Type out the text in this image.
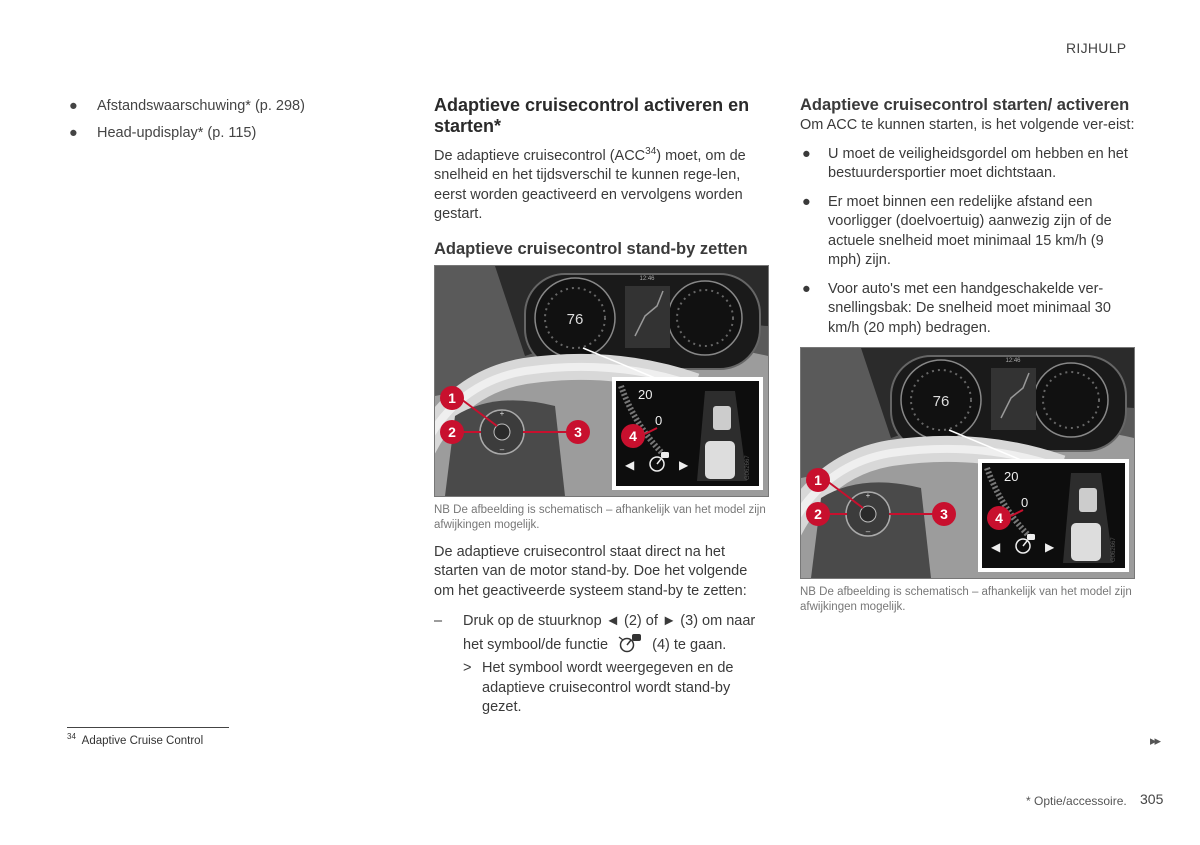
RIJHULP
● Afstandswaarschuwing* (p. 298)
● Head-updisplay* (p. 115)
Adaptieve cruisecontrol activeren en starten*

De adaptieve cruisecontrol (ACC$^{34}$) moet, om de snelheid en het tijdsverschil te kunnen rege-len, eerst worden geactiveerd en vervolgens worden gestart.

Adaptieve cruisecontrol stand-by zetten
76
12:46
+
–
1
2	3
20
0
4
◀	▶	G062667
NB De afbeelding is schematisch – afhankelijk van het model zijn afwijkingen mogelijk.

De adaptieve cruisecontrol staat direct na het starten van de motor stand-by. Doe het volgende om het geactiveerde systeem stand-by te zetten:

– Druk op de stuurknop ◄ (2) of ► (3) om naar
het symbool/de functie	(4) te gaan.
> Het symbool wordt weergegeven en de adaptieve cruisecontrol wordt stand-by gezet.
Adaptieve cruisecontrol starten/ activeren

Om ACC te kunnen starten, is het volgende ver-eist:

● U moet de veiligheidsgordel om hebben en het bestuurdersportier moet dichtstaan.
● Er moet binnen een redelijke afstand een voorligger (doelvoertuig) aanwezig zijn of de actuele snelheid moet minimaal 15 km/h (9 mph) zijn.
● Voor auto's met een handgeschakelde ver-snellingsbak: De snelheid moet minimaal 30 km/h (20 mph) bedragen.
76
12:46
+
–
1
2	3
20
0
4
◀	▶	G062667
NB De afbeelding is schematisch – afhankelijk van het model zijn afwijkingen mogelijk.
$^{34}$ Adaptive Cruise Control	▸▸
* Optie/accessoire. 305
